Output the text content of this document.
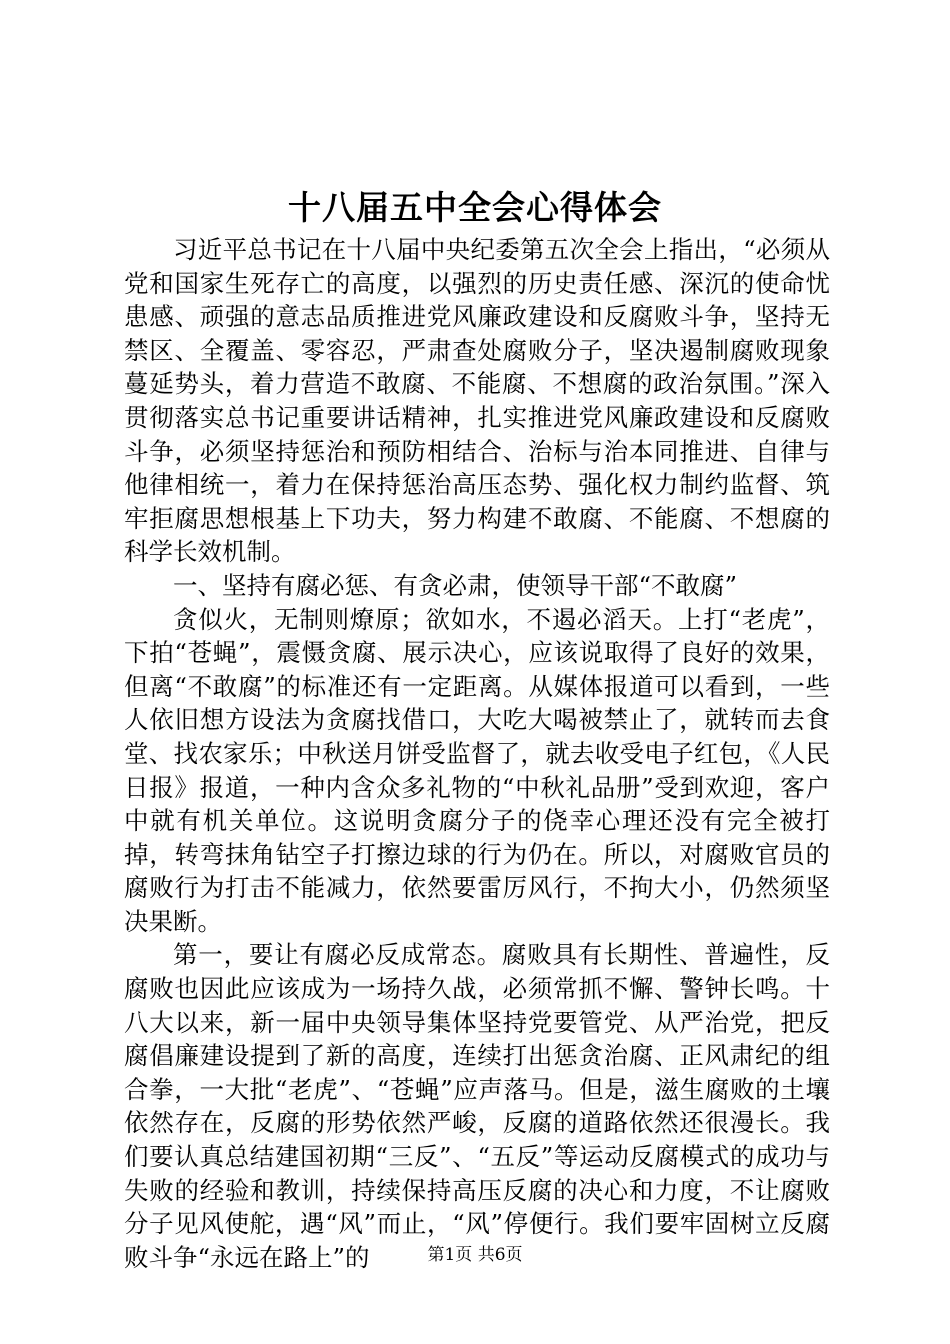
十八届五中全会心得体会

习近平总书记在十八届中央纪委第五次全会上指出，“必须从党和国家生死存亡的高度，以强烈的历史责任感、深沉的使命忧患感、顽强的意志品质推进党风廉政建设和反腐败斗争，坚持无禁区、全覆盖、零容忍，严肃查处腐败分子，坚决遏制腐败现象蔓延势头，着力营造不敢腐、不能腐、不想腐的政治氛围。”深入贯彻落实总书记重要讲话精神，扎实推进党风廉政建设和反腐败斗争，必须坚持惩治和预防相结合、治标与治本同推进、自律与他律相统一，着力在保持惩治高压态势、强化权力制约监督、筑牢拒腐思想根基上下功夫，努力构建不敢腐、不能腐、不想腐的科学长效机制。

一、坚持有腐必惩、有贪必肃，使领导干部“不敢腐”

贪似火，无制则燎原；欲如水，不遏必滔天。上打“老虎”，下拍“苍蝇”，震慑贪腐、展示决心，应该说取得了良好的效果，但离“不敢腐”的标准还有一定距离。从媒体报道可以看到，一些人依旧想方设法为贪腐找借口，大吃大喝被禁止了，就转而去食堂、找农家乐；中秋送月饼受监督了，就去收受电子红包，《人民日报》报道，一种内含众多礼物的“中秋礼品册”受到欢迎，客户中就有机关单位。这说明贪腐分子的侥幸心理还没有完全被打掉，转弯抹角钻空子打擦边球的行为仍在。所以，对腐败官员的腐败行为打击不能减力，依然要雷厉风行，不拘大小，仍然须坚决果断。

第一，要让有腐必反成常态。腐败具有长期性、普遍性，反腐败也因此应该成为一场持久战，必须常抓不懈、警钟长鸣。十八大以来，新一届中央领导集体坚持党要管党、从严治党，把反腐倡廉建设提到了新的高度，连续打出惩贪治腐、正风肃纪的组合拳，一大批“老虎”、“苍蝇”应声落马。但是，滋生腐败的土壤依然存在，反腐的形势依然严峻，反腐的道路依然还很漫长。我们要认真总结建国初期“三反”、“五反”等运动反腐模式的成功与失败的经验和教训，持续保持高压反腐的决心和力度，不让腐败分子见风使舵，遇“风”而止，“风”停便行。我们要牢固树立反腐败斗争“永远在路上”的	第1页 共6页
